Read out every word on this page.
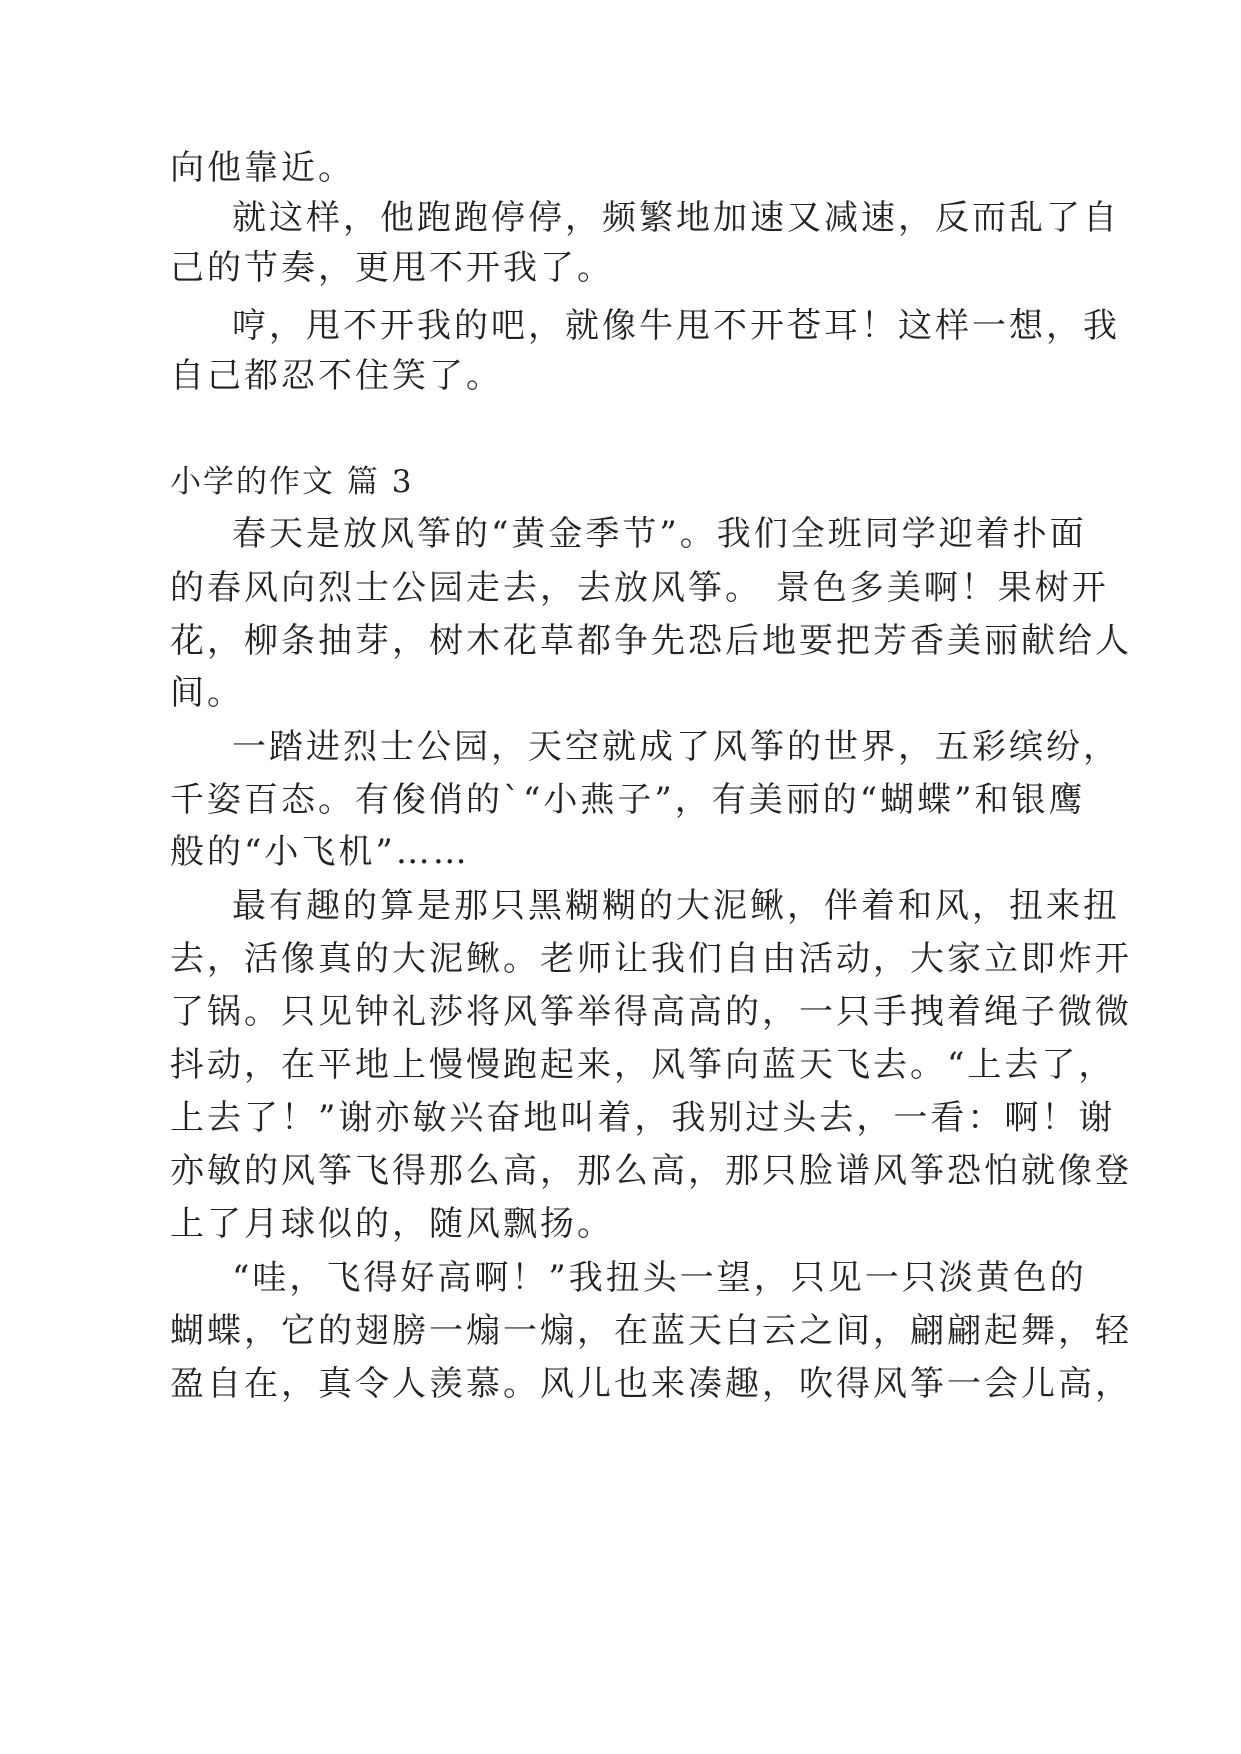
向他靠近。
就这样，他跑跑停停，频繁地加速又减速，反而乱了自
己的节奏，更甩不开我了。
哼，甩不开我的吧，就像牛甩不开苍耳！这样一想，我
自己都忍不住笑了。
小学的作文 篇 3
春天是放风筝的“黄金季节”。我们全班同学迎着扑面
的春风向烈士公园走去，去放风筝。 景色多美啊！果树开
花，柳条抽芽，树木花草都争先恐后地要把芳香美丽献给人
间。
一踏进烈士公园，天空就成了风筝的世界，五彩缤纷，
千姿百态。有俊俏的`“小燕子”，有美丽的“蝴蝶”和银鹰
般的“小飞机”……
最有趣的算是那只黑糊糊的大泥鳅，伴着和风，扭来扭
去，活像真的大泥鳅。老师让我们自由活动，大家立即炸开
了锅。只见钟礼莎将风筝举得高高的，一只手拽着绳子微微
抖动，在平地上慢慢跑起来，风筝向蓝天飞去。“上去了，
上去了！”谢亦敏兴奋地叫着，我别过头去，一看：啊！谢
亦敏的风筝飞得那么高，那么高，那只脸谱风筝恐怕就像登
上了月球似的，随风飘扬。
“哇，飞得好高啊！”我扭头一望，只见一只淡黄色的
蝴蝶，它的翅膀一煽一煽，在蓝天白云之间，翩翩起舞，轻
盈自在，真令人羡慕。风儿也来凑趣，吹得风筝一会儿高，
